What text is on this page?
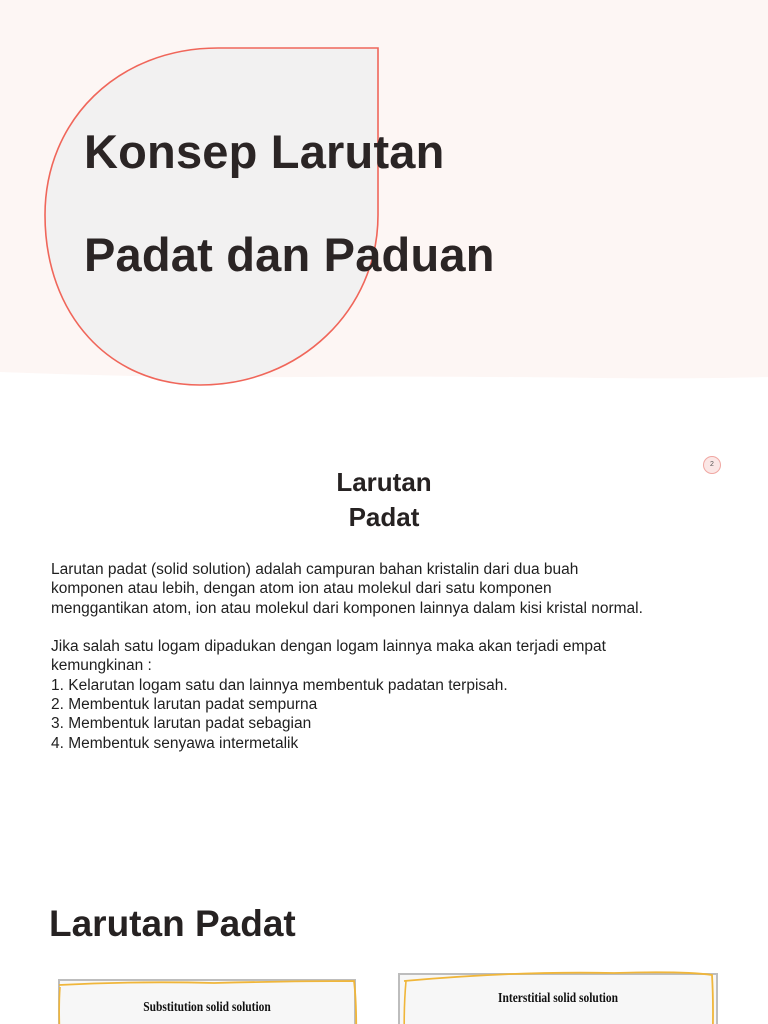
Konsep Larutan
Padat dan Paduan
2
Larutan
Padat

Larutan padat (solid solution) adalah campuran bahan kristalin dari dua buah komponen atau lebih, dengan atom ion atau molekul dari satu komponen menggantikan atom, ion atau molekul dari komponen lainnya dalam kisi kristal normal.

Jika salah satu logam dipadukan dengan logam lainnya maka akan terjadi empat kemungkinan :

1. Kelarutan logam satu dan lainnya membentuk padatan terpisah.
2. Membentuk larutan padat sempurna
3. Membentuk larutan padat sebagian
4. Membentuk senyawa intermetalik
Larutan Padat
Substitution solid solution
Interstitial solid solution
